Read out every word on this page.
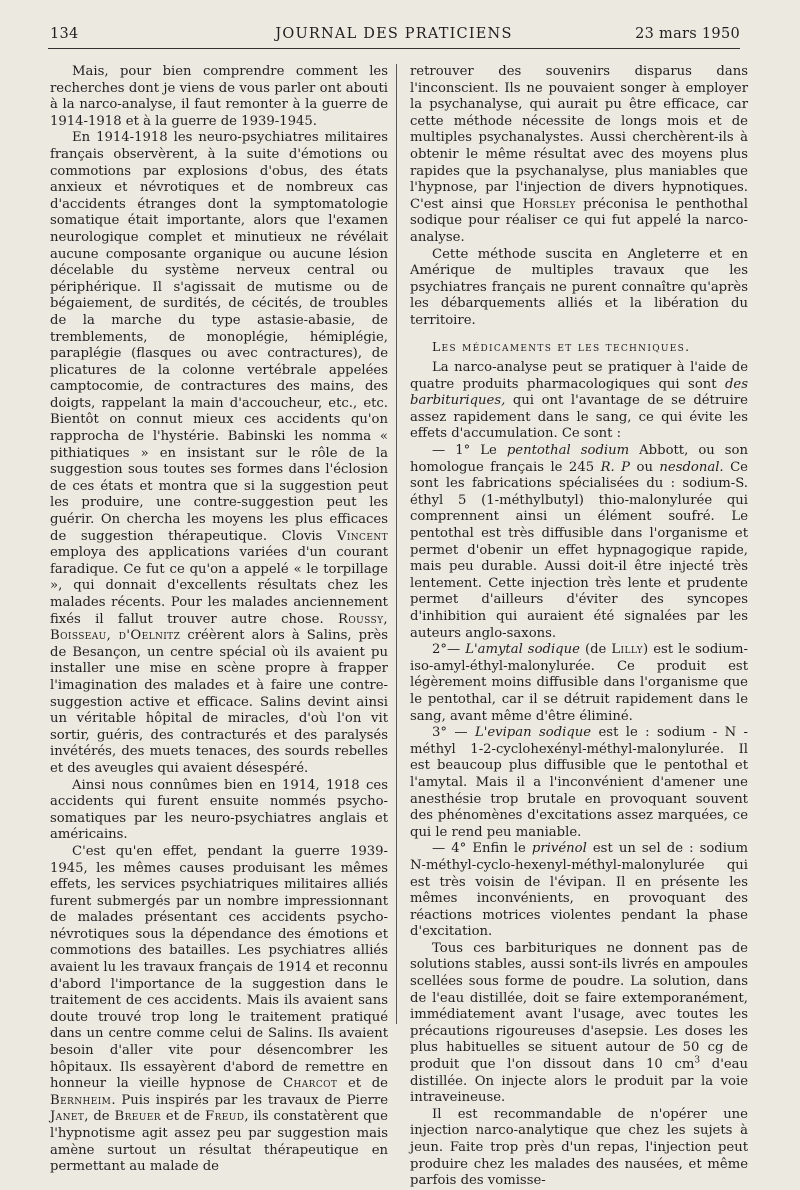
134	JOURNAL DES PRATICIENS	23 mars 1950

Mais, pour bien comprendre comment les recherches dont je viens de vous parler ont abouti à la narco-analyse, il faut remonter à la guerre de 1914-1918 et à la guerre de 1939-1945.

En 1914-1918 les neuro-psychiatres militaires français observèrent, à la suite d'émotions ou commotions par explosions d'obus, des états anxieux et névrotiques et de nombreux cas d'accidents étranges dont la symptomatologie somatique était importante, alors que l'examen neurologique complet et minutieux ne révélait aucune composante organique ou aucune lésion décelable du système nerveux central ou périphérique. Il s'agissait de mutisme ou de bégaiement, de surdités, de cécités, de troubles de la marche du type astasie-abasie, de tremblements, de monoplégie, hémiplégie, paraplégie (flasques ou avec contractures), de plicatures de la colonne vertébrale appelées camptocomie, de contractures des mains, des doigts, rappelant la main d'accoucheur, etc., etc. Bientôt on connut mieux ces accidents qu'on rapprocha de l'hystérie. Babinski les nomma « pithiatiques » en insistant sur le rôle de la suggestion sous toutes ses formes dans l'éclosion de ces états et montra que si la suggestion peut les produire, une contre-suggestion peut les guérir. On chercha les moyens les plus efficaces de suggestion thérapeutique. Clovis Vincent employa des applications variées d'un courant faradique. Ce fut ce qu'on a appelé « le torpillage », qui donnait d'excellents résultats chez les malades récents. Pour les malades anciennement fixés il fallut trouver autre chose. Roussy, Boisseau, d'Oelnitz créèrent alors à Salins, près de Besançon, un centre spécial où ils avaient pu installer une mise en scène propre à frapper l'imagination des malades et à faire une contre-suggestion active et efficace. Salins devint ainsi un véritable hôpital de miracles, d'où l'on vit sortir, guéris, des contracturés et des paralysés invétérés, des muets tenaces, des sourds rebelles et des aveugles qui avaient désespéré.

Ainsi nous connûmes bien en 1914, 1918 ces accidents qui furent ensuite nommés psycho-somatiques par les neuro-psychiatres anglais et américains.

C'est qu'en effet, pendant la guerre 1939-1945, les mêmes causes produisant les mêmes effets, les services psychiatriques militaires alliés furent submergés par un nombre impressionnant de malades présentant ces accidents psycho-névrotiques sous la dépendance des émotions et commotions des batailles. Les psychiatres alliés avaient lu les travaux français de 1914 et reconnu d'abord l'importance de la suggestion dans le traitement de ces accidents. Mais ils avaient sans doute trouvé trop long le traitement pratiqué dans un centre comme celui de Salins. Ils avaient besoin d'aller vite pour désencombrer les hôpitaux. Ils essayèrent d'abord de remettre en honneur la vieille hypnose de Charcot et de Bernheim. Puis inspirés par les travaux de Pierre Janet, de Breuer et de Freud, ils constatèrent que l'hypnotisme agit assez peu par suggestion mais amène surtout un résultat thérapeutique en permettant au malade de

retrouver des souvenirs disparus dans l'inconscient. Ils ne pouvaient songer à employer la psychanalyse, qui aurait pu être efficace, car cette méthode nécessite de longs mois et de multiples psychanalystes. Aussi cherchèrent-ils à obtenir le même résultat avec des moyens plus rapides que la psychanalyse, plus maniables que l'hypnose, par l'injection de divers hypnotiques. C'est ainsi que Horsley préconisa le penthothal sodique pour réaliser ce qui fut appelé la narco-analyse.

Cette méthode suscita en Angleterre et en Amérique de multiples travaux que les psychiatres français ne purent connaître qu'après les débarquements alliés et la libération du territoire.

Les médicaments et les techniques.

La narco-analyse peut se pratiquer à l'aide de quatre produits pharmacologiques qui sont des barbituriques, qui ont l'avantage de se détruire assez rapidement dans le sang, ce qui évite les effets d'accumulation. Ce sont :

— 1° Le pentothal sodium Abbott, ou son homologue français le 245 R. P ou nesdonal. Ce sont les fabrications spécialisées du : sodium-S. éthyl 5 (1-méthylbutyl) thio-malonylurée qui comprennent ainsi un élément soufré. Le pentothal est très diffusible dans l'organisme et permet d'obenir un effet hypnagogique rapide, mais peu durable. Aussi doit-il être injecté très lentement. Cette injection très lente et prudente permet d'ailleurs d'éviter des syncopes d'inhibition qui auraient été signalées par les auteurs anglo-saxons.

2°— L'amytal sodique (de Lilly) est le sodium-iso-amyl-éthyl-malonylurée. Ce produit est légèrement moins diffusible dans l'organisme que le pentothal, car il se détruit rapidement dans le sang, avant même d'être éliminé.

3° — L'evipan sodique est le : sodium - N - méthyl 1-2-cyclohexényl-méthyl-malonylurée. Il est beaucoup plus diffusible que le pentothal et l'amytal. Mais il a l'inconvénient d'amener une anesthésie trop brutale en provoquant souvent des phénomènes d'excitations assez marquées, ce qui le rend peu maniable.

— 4° Enfin le privénol est un sel de : sodium N-méthyl-cyclo-hexenyl-méthyl-malonylurée qui est très voisin de l'évipan. Il en présente les mêmes inconvénients, en provoquant des réactions motrices violentes pendant la phase d'excitation.

Tous ces barbituriques ne donnent pas de solutions stables, aussi sont-ils livrés en ampoules scellées sous forme de poudre. La solution, dans de l'eau distillée, doit se faire extemporanément, immédiatement avant l'usage, avec toutes les précautions rigoureuses d'asepsie. Les doses les plus habituelles se situent autour de 50 cg de produit que l'on dissout dans 10 $cm^3$ d'eau distillée. On injecte alors le produit par la voie intraveineuse.

Il est recommandable de n'opérer une injection narco-analytique que chez les sujets à jeun. Faite trop près d'un repas, l'injection peut produire chez les malades des nausées, et même parfois des vomisse-
